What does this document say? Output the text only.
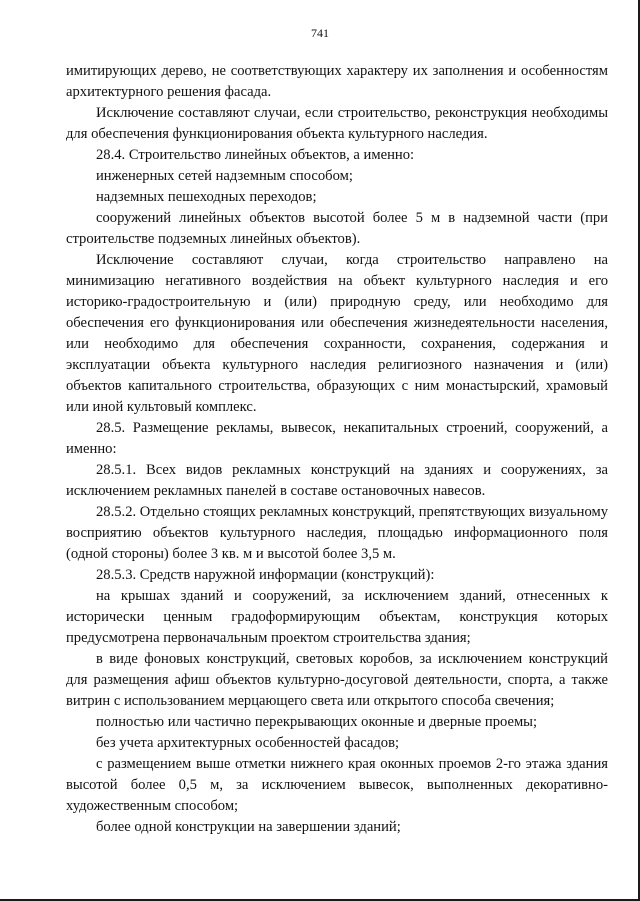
741

имитирующих дерево, не соответствующих характеру их заполнения и особенностям архитектурного решения фасада.

Исключение составляют случаи, если строительство, реконструкция необходимы для обеспечения функционирования объекта культурного наследия.

28.4. Строительство линейных объектов, а именно:

инженерных сетей надземным способом;

надземных пешеходных переходов;

сооружений линейных объектов высотой более 5 м в надземной части (при строительстве подземных линейных объектов).

Исключение составляют случаи, когда строительство направлено на минимизацию негативного воздействия на объект культурного наследия и его историко-градостроительную и (или) природную среду, или необходимо для обеспечения его функционирования или обеспечения жизнедеятельности населения, или необходимо для обеспечения сохранности, сохранения, содержания и эксплуатации объекта культурного наследия религиозного назначения и (или) объектов капитального строительства, образующих с ним монастырский, храмовый или иной культовый комплекс.

28.5. Размещение рекламы, вывесок, некапитальных строений, сооружений, а именно:

28.5.1. Всех видов рекламных конструкций на зданиях и сооружениях, за исключением рекламных панелей в составе остановочных навесов.

28.5.2. Отдельно стоящих рекламных конструкций, препятствующих визуальному восприятию объектов культурного наследия, площадью информационного поля (одной стороны) более 3 кв. м и высотой более 3,5 м.

28.5.3. Средств наружной информации (конструкций):

на крышах зданий и сооружений, за исключением зданий, отнесенных к исторически ценным градоформирующим объектам, конструкция которых предусмотрена первоначальным проектом строительства здания;

в виде фоновых конструкций, световых коробов, за исключением конструкций для размещения афиш объектов культурно-досуговой деятельности, спорта, а также витрин с использованием мерцающего света или открытого способа свечения;

полностью или частично перекрывающих оконные и дверные проемы;

без учета архитектурных особенностей фасадов;

с размещением выше отметки нижнего края оконных проемов 2-го этажа здания высотой более 0,5 м, за исключением вывесок, выполненных декоративно-художественным способом;

более одной конструкции на завершении зданий;
